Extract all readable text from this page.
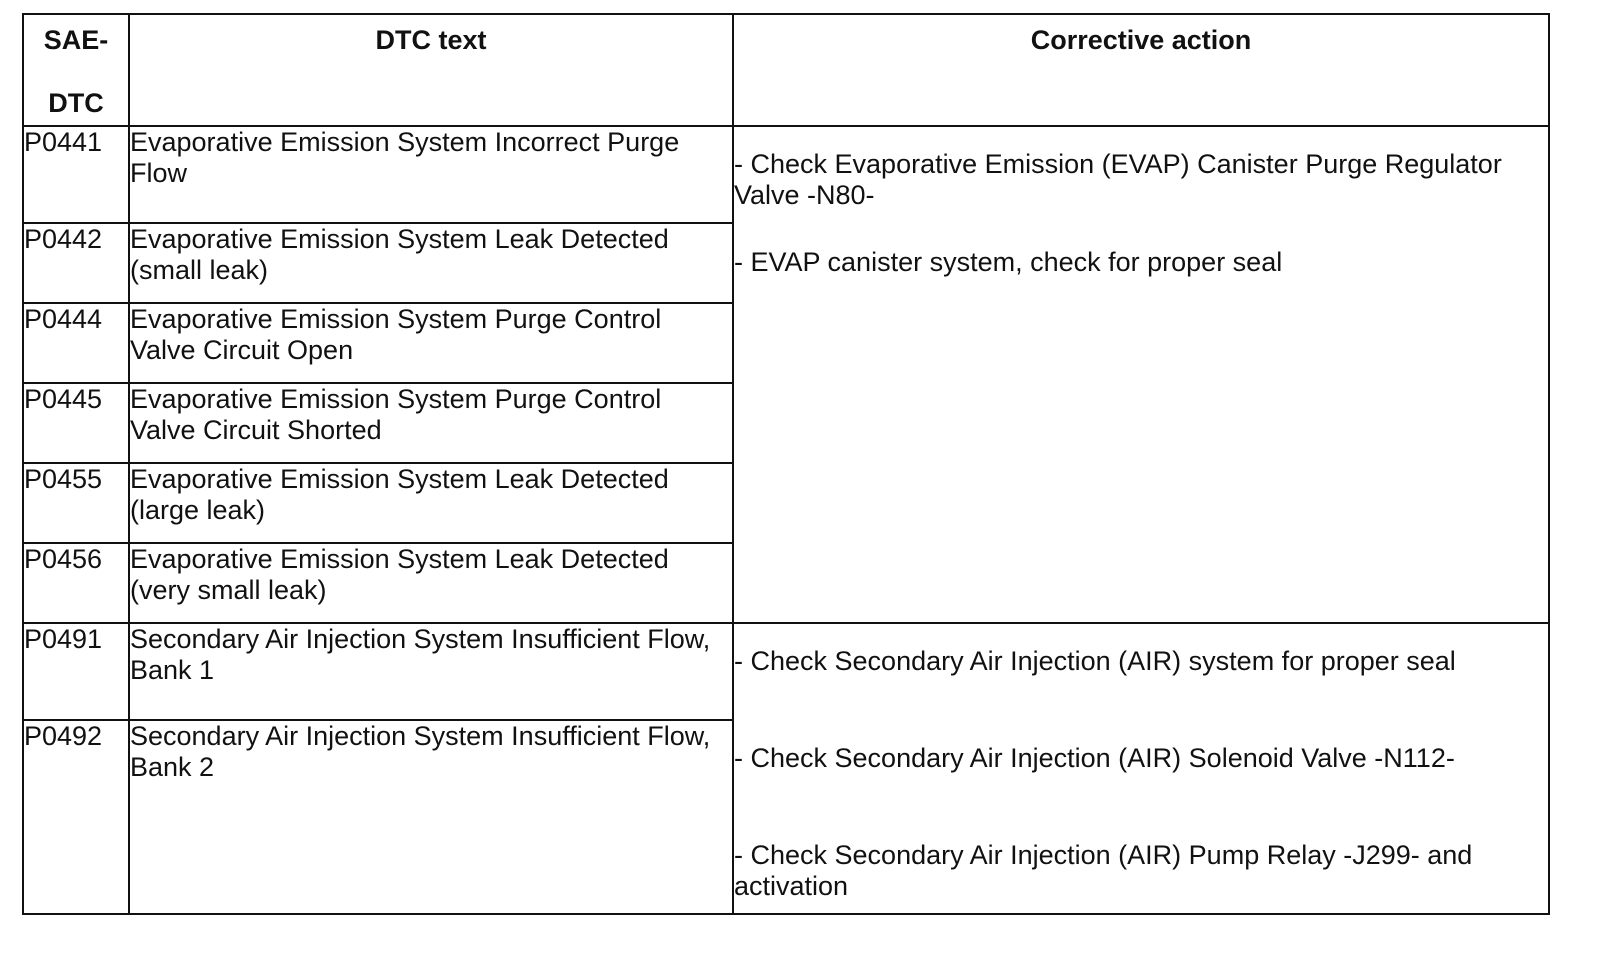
SAE-
DTC	DTC text	Corrective action

P0441	Evaporative Emission System Incorrect Purge Flow	- Check Evaporative Emission (EVAP) Canister Purge Regulator Valve -N80-
- EVAP canister system, check for proper seal

P0442	Evaporative Emission System Leak Detected (small leak)	
P0444	Evaporative Emission System Purge Control Valve Circuit Open	
P0445	Evaporative Emission System Purge Control Valve Circuit Shorted	
P0455	Evaporative Emission System Leak Detected (large leak)	
P0456	Evaporative Emission System Leak Detected (very small leak)	
P0491	Secondary Air Injection System Insufficient Flow, Bank 1	- Check Secondary Air Injection (AIR) system for proper seal
- Check Secondary Air Injection (AIR) Solenoid Valve -N112-
- Check Secondary Air Injection (AIR) Pump Relay -J299- and activation

P0492	Secondary Air Injection System Insufficient Flow, Bank 2	
